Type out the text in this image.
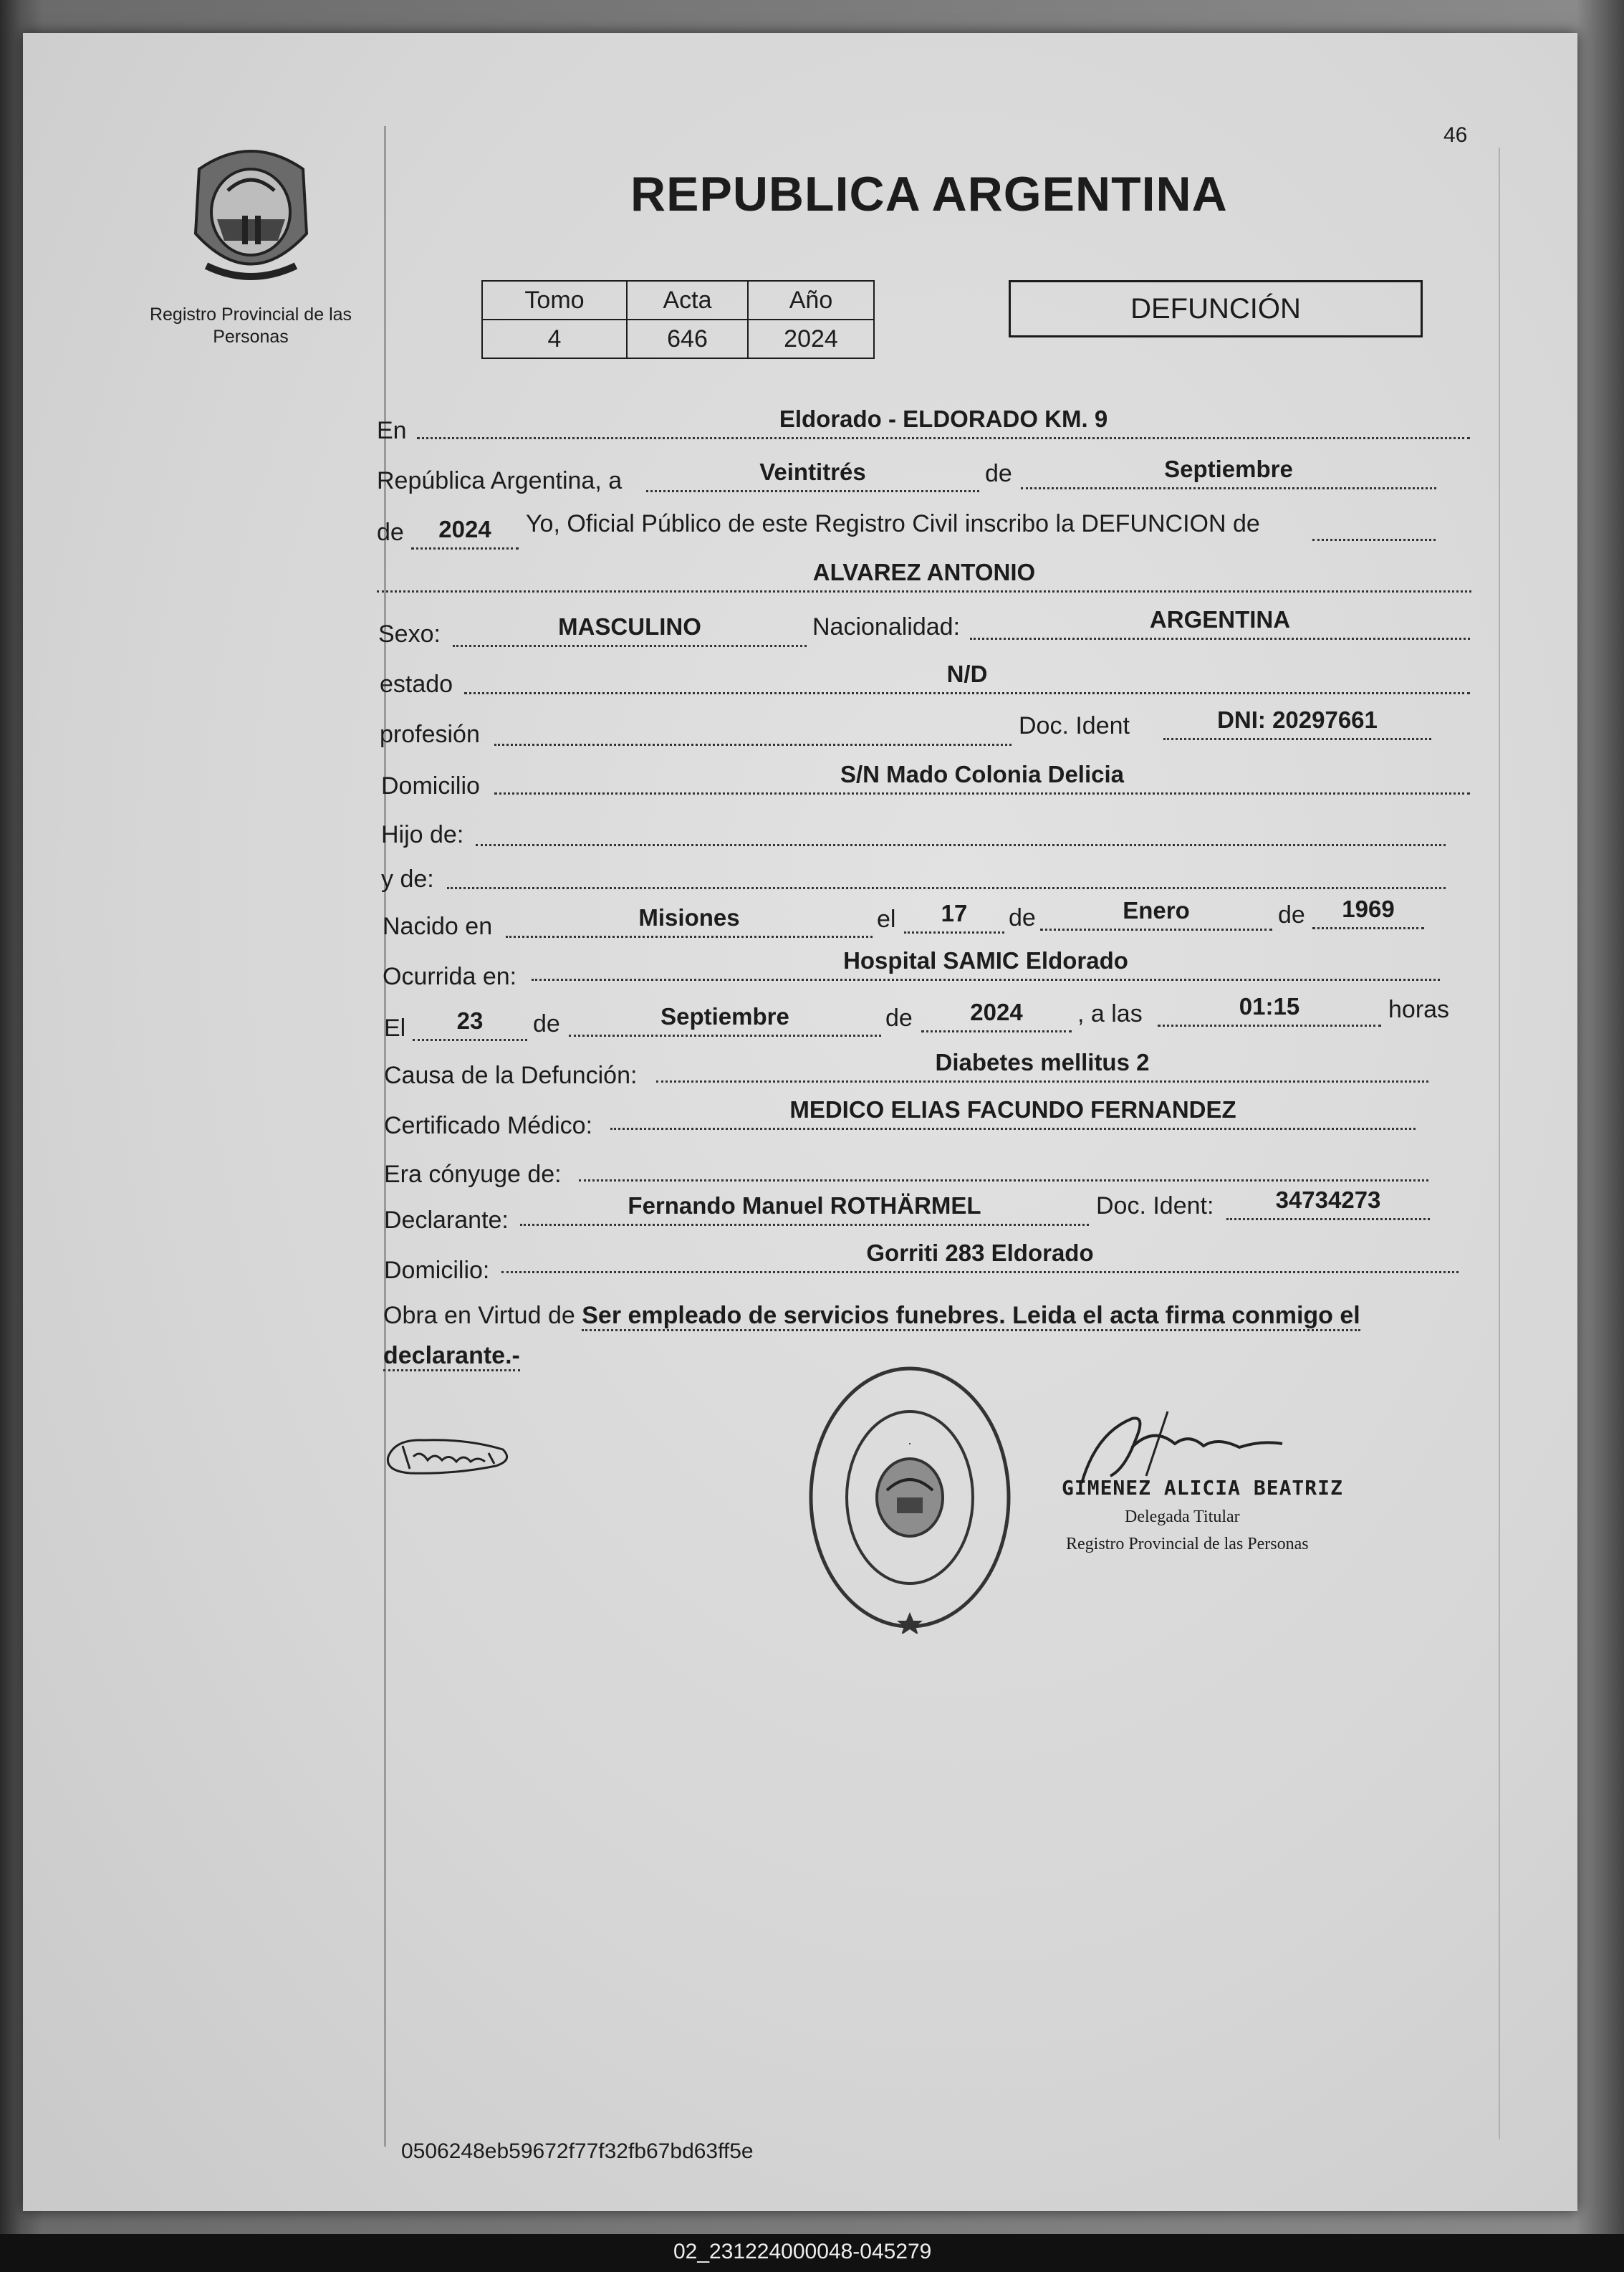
46
Registro Provincial de las Personas
REPUBLICA ARGENTINA
Tomo	Acta	Año
4	646	2024
DEFUNCIÓN
En	Eldorado - ELDORADO KM. 9
República Argentina, a	Veintitrés	de	Septiembre
de	2024	Yo, Oficial Público de este Registro Civil inscribo la DEFUNCION de
ALVAREZ ANTONIO
Sexo:	MASCULINO	Nacionalidad:	ARGENTINA
estado	N/D
profesión	Doc. Ident	DNI: 20297661
Domicilio	S/N Mado Colonia Delicia
Hijo de:
y de:
Nacido en	Misiones	el	17	de	Enero	de	1969
Ocurrida en:
Hospital SAMIC Eldorado
El	23	de	Septiembre	de	2024	, a las	01:15	horas
Causa de la Defunción:	Diabetes mellitus 2
Certificado Médico:
MEDICO ELIAS FACUNDO FERNANDEZ
Era cónyuge de:
Declarante:
Fernando Manuel ROTHÄRMEL	Doc. Ident:	34734273
Domicilio:
Gorriti 283 Eldorado
Obra en Virtud de Ser empleado de servicios funebres. Leida el acta firma conmigo el declarante.-
·
GIMENEZ ALICIA BEATRIZ
Delegada Titular
Registro Provincial de las Personas
0506248eb59672f77f32fb67bd63ff5e
02_231224000048-045279
